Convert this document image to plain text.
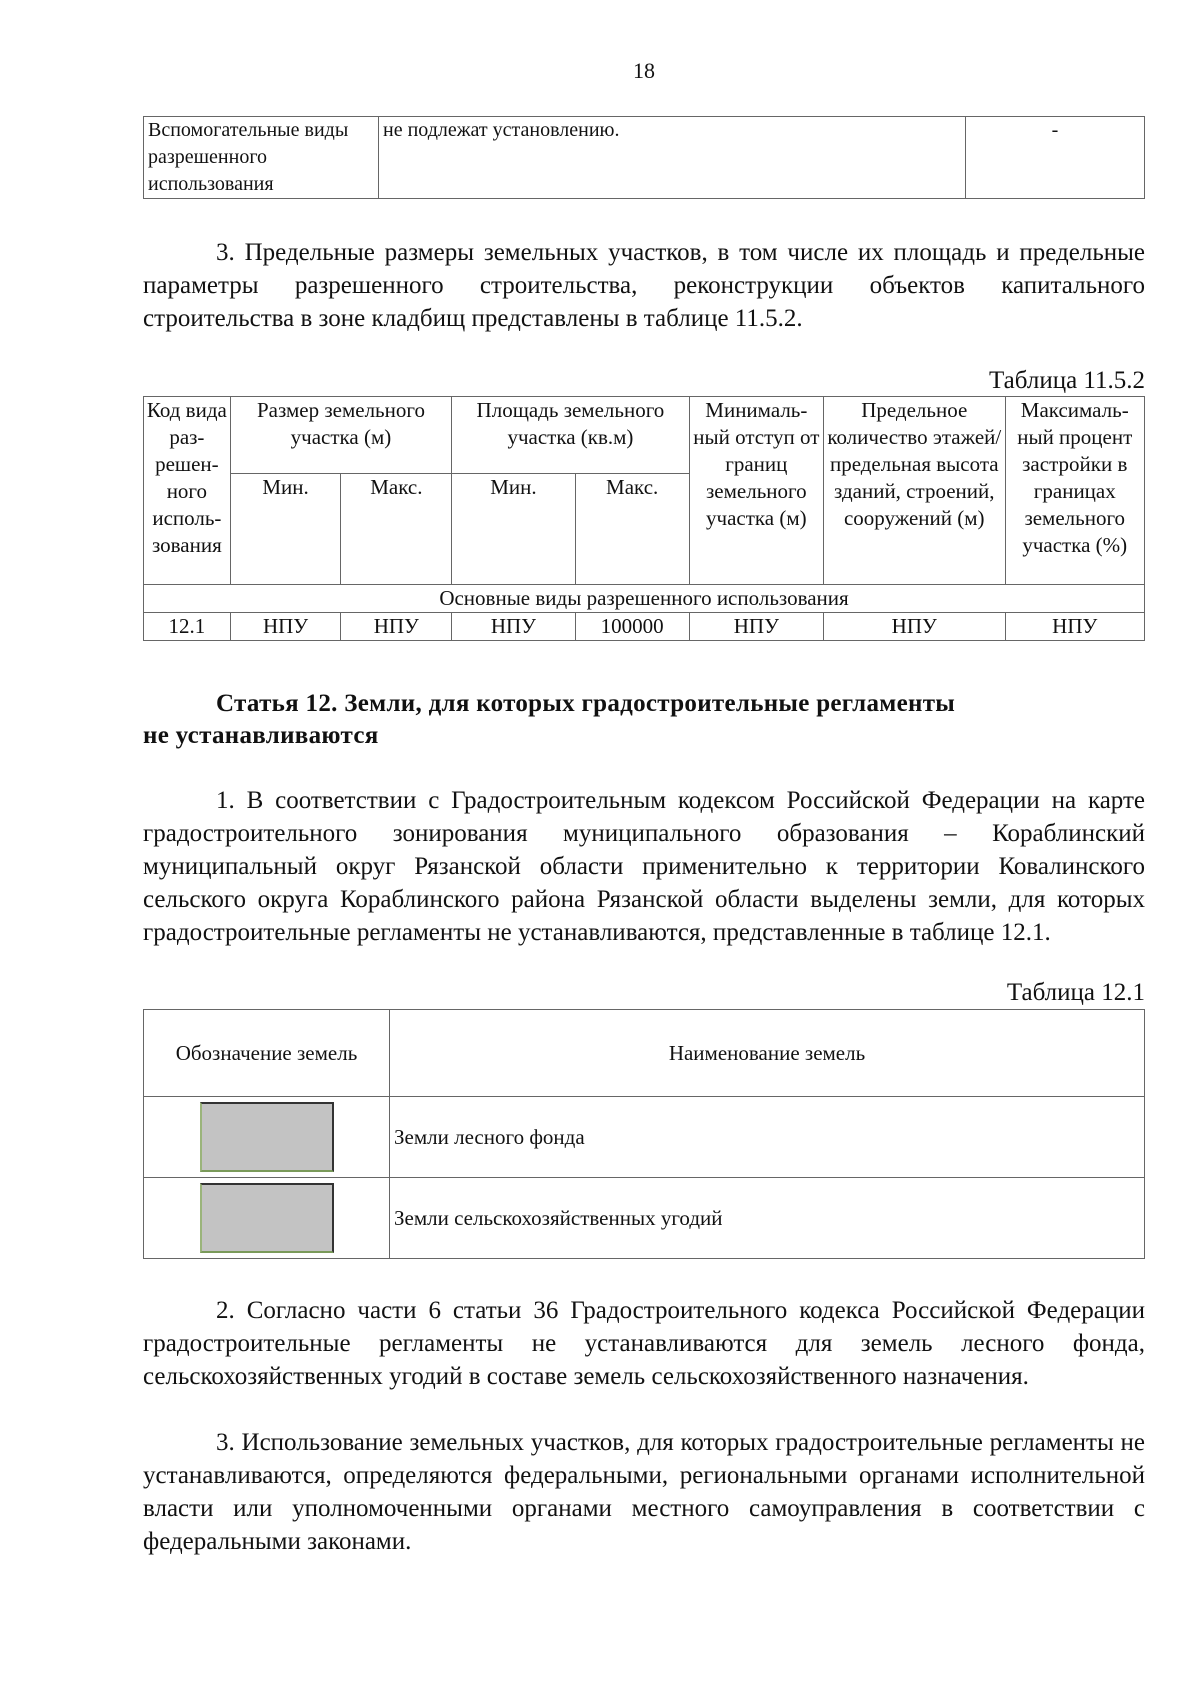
18
Вспомогательные виды разрешенного использования	не подлежат установлению.	-

3. Предельные размеры земельных участков, в том числе их площадь и предельные параметры разрешенного строительства, реконструкции объектов капитального строительства в зоне кладбищ представлены в таблице 11.5.2.

Таблица 11.5.2
Код вида раз-решен-ного исполь-зования	Размер земельного участка (м)		Площадь земельного участка (кв.м)		Минималь-ный отступ от границ земельного участка (м)	Предельное количество этажей/ предельная высота зданий, строений, сооружений (м)	Максималь-ный процент застройки в границах земельного участка (%)
	Мин.	Макс.	Мин.	Макс.			
Основные виды разрешенного использования							
12.1	НПУ	НПУ	НПУ	100000	НПУ	НПУ	НПУ
Статья 12. Земли, для которых градостроительные регламенты
не устанавливаются

1. В соответствии с Градостроительным кодексом Российской Федерации на карте градостроительного зонирования муниципального образования – Кораблинский муниципальный округ Рязанской области применительно к территории Ковалинского сельского округа Кораблинского района Рязанской области выделены земли, для которых градостроительные регламенты не устанавливаются, представленные в таблице 12.1.

Таблица 12.1
Обозначение земель	Наименование земель

	Земли лесного фонда

	Земли сельскохозяйственных угодий

2. Согласно части 6 статьи 36 Градостроительного кодекса Российской Федерации градостроительные регламенты не устанавливаются для земель лесного фонда, сельскохозяйственных угодий в составе земель сельскохозяйственного назначения.

3. Использование земельных участков, для которых градостроительные регламенты не устанавливаются, определяются федеральными, региональными органами исполнительной власти или уполномоченными органами местного самоуправления в соответствии с федеральными законами.
